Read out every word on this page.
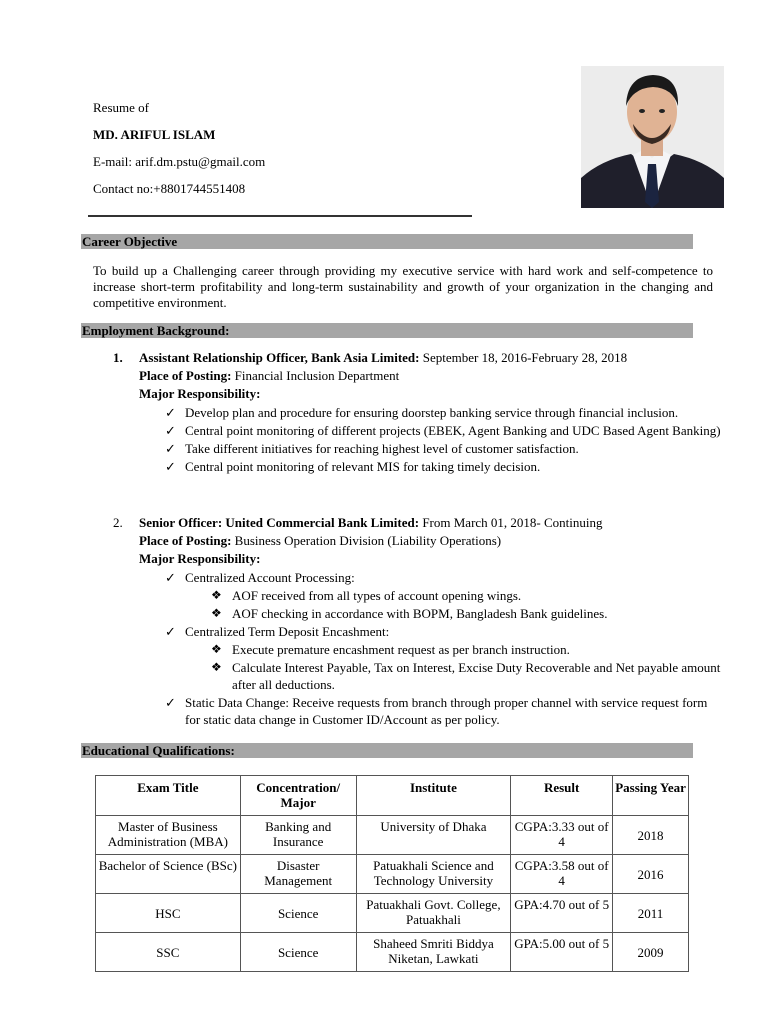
Resume of
MD. ARIFUL ISLAM
E-mail: arif.dm.pstu@gmail.com
Contact no:+8801744551408
Career Objective
To build up a Challenging career through providing my executive service with hard work and self-competence to increase short-term profitability and long-term sustainability and growth of your organization in the changing and competitive environment.
Employment Background:
1.	Assistant Relationship Officer, Bank Asia Limited: September 18, 2016-February 28, 2018
Place of Posting: Financial Inclusion Department
Major Responsibility:
✓ Develop plan and procedure for ensuring doorstep banking service through financial inclusion.
✓ Central point monitoring of different projects (EBEK, Agent Banking and UDC Based Agent Banking)
✓ Take different initiatives for reaching highest level of customer satisfaction.
✓ Central point monitoring of relevant MIS for taking timely decision.
2.	Senior Officer: United Commercial Bank Limited: From March 01, 2018- Continuing
Place of Posting: Business Operation Division (Liability Operations)
Major Responsibility:
✓ Centralized Account Processing:
❖ AOF received from all types of account opening wings.
❖ AOF checking in accordance with BOPM, Bangladesh Bank guidelines.
✓ Centralized Term Deposit Encashment:
❖ Execute premature encashment request as per branch instruction.
❖ Calculate Interest Payable, Tax on Interest, Excise Duty Recoverable and Net payable amount after all deductions.
✓ Static Data Change: Receive requests from branch through proper channel with service request form for static data change in Customer ID/Account as per policy.
Educational Qualifications:
Exam Title	Concentration/ Major	Institute	Result	Passing Year
Master of Business Administration (MBA)	Banking and Insurance	University of Dhaka	CGPA:3.33 out of 4	2018
Bachelor of Science (BSc)	Disaster Management	Patuakhali Science and Technology University	CGPA:3.58 out of 4	2016
HSC	Science	Patuakhali Govt. College, Patuakhali	GPA:4.70 out of 5	2011
SSC	Science	Shaheed Smriti Biddya Niketan, Lawkati	GPA:5.00 out of 5	2009
